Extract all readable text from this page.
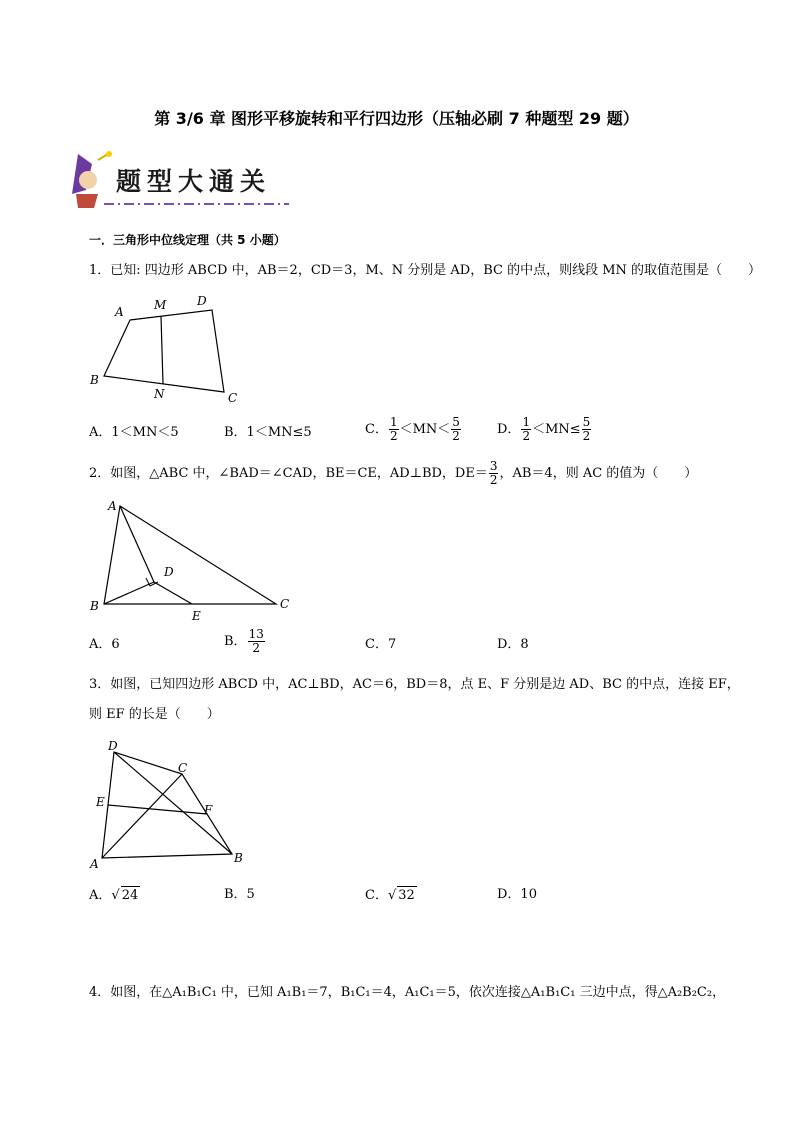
第 3/6 章 图形平移旋转和平行四边形（压轴必刷 7 种题型 29 题）
题型大通关
一．三角形中位线定理（共 5 小题）
1．已知: 四边形 ABCD 中，AB＝2，CD＝3，M、N 分别是 AD，BC 的中点，则线段 MN 的取值范围是（　　）
A	M	D
B
N	C
A．1＜MN＜5	B．1＜MN≤5	C． $\frac{1}{2} <MN< \frac{5}{2}$	D． $\frac{1}{2} <MN\le \frac{5}{2}$
2．如图，△ABC 中，∠BAD＝∠CAD，BE＝CE，AD⊥BD，$DE= \frac{3}{2}$ ，AB＝4，则 AC 的值为（　　）
A
D
B
E
C
A．6	B． $\frac{13}{2}$	C．7	D．8
3．如图，已知四边形 ABCD 中，AC⊥BD，AC＝6，BD＝8，点 E、F 分别是边 AD、BC 的中点，连接 EF，
则 EF 的长是（　　）
D
C
E
F
A	B
A．√ 24	B．5	C．√ 32	D．10
4．如图，在△A₁B₁C₁ 中，已知 A₁B₁＝7，B₁C₁＝4，A₁C₁＝5，依次连接△A₁B₁C₁ 三边中点，得△A₂B₂C₂，
